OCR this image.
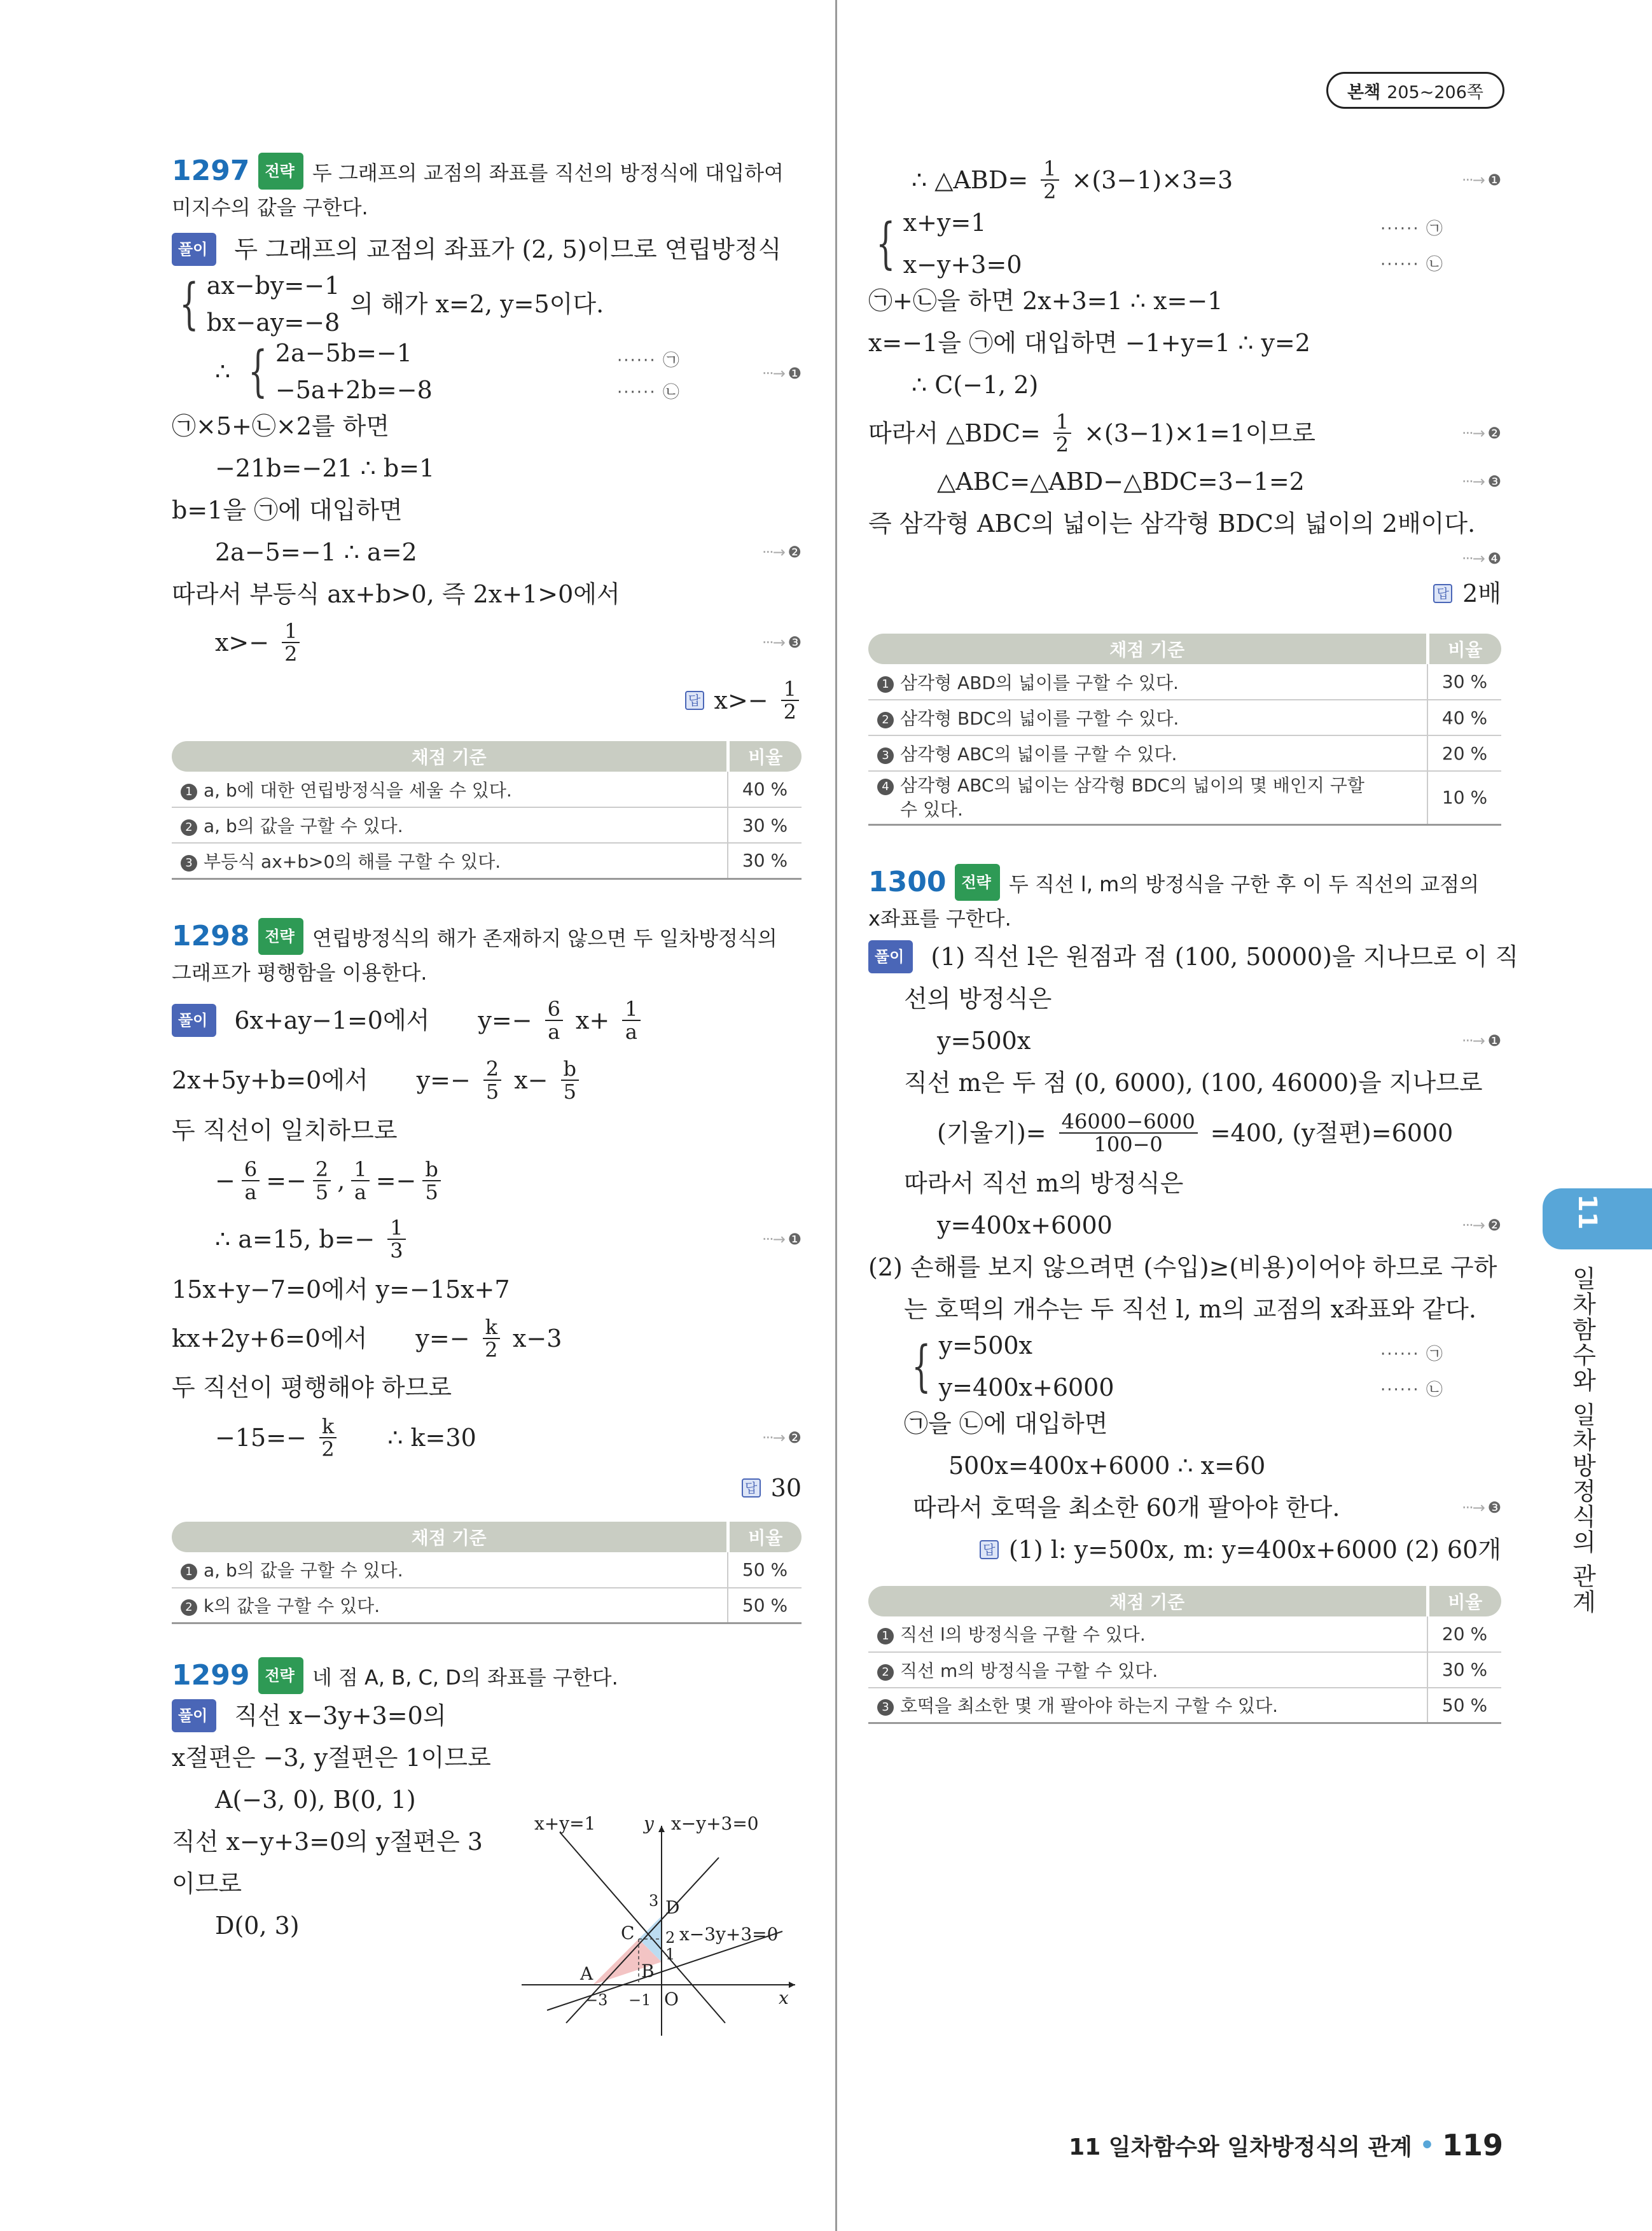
본책 205∼206쪽
1297 전략 두 그래프의 교점의 좌표를 직선의 방정식에 대입하여
미지수의 값을 구한다.
풀이	두 그래프의 교점의 좌표가 (2, 5)이므로 연립방정식
{ ax−by=−1
bx−ay=−8
의 해가 x=2, y=5이다.
∴ { 2a−5b=−1
−5a+2b=−8
······ ㉠
······ ㉡
···→ ❶
㉠×5+㉡×2를 하면
−21b=−21 ∴ b=1
b=1을 ㉠에 대입하면
2a−5=−1 ∴ a=2	···→ ❷
따라서 부등식 ax+b>0, 즉 2x+1>0에서
$x>- \frac{1}{2}$	···→ ❸
답 $x>- \frac{1}{2}$
채점 기준	비율
1 a, b에 대한 연립방정식을 세울 수 있다.	40 %
2 a, b의 값을 구할 수 있다.	30 %
3 부등식 ax+b>0의 해를 구할 수 있다.	30 %
1298 전략 연립방정식의 해가 존재하지 않으면 두 일차방정식의
그래프가 평행함을 이용한다.
풀이	6x+ay−1=0에서 $y=- \frac{6}{a} x+ \frac{1}{a}$
2x+5y+b=0에서 $y=- \frac{2}{5} x- \frac{b}{5}$
두 직선이 일치하므로
− $\frac{6}{a} =- \frac{2}{5}$ , $\frac{1}{a} =- \frac{b}{5}$
∴ a=15, $b=- \frac{1}{3}$	···→ ❶
15x+y−7=0에서 y=−15x+7
kx+2y+6=0에서 $y=- \frac{k}{2} x-3$
두 직선이 평행해야 하므로
$-15=- \frac{k}{2}$ ∴ k=30	···→ ❷
답 30
채점 기준	비율
1 a, b의 값을 구할 수 있다.	50 %
2 k의 값을 구할 수 있다.	50 %
1299 전략 네 점 A, B, C, D의 좌표를 구한다.
풀이	직선 x−3y+3=0의
x절편은 −3, y절편은 1이므로
A(−3, 0), B(0, 1)
직선 x−y+3=0의 y절편은 3
이므로
D(0, 3)
x+y=1	x−y+3=0
x−3y+3=0
y
x
O
A	B
C
D
−3 −1
3
2
1
∴ △ABD= $\frac{1}{2} \times(3-1)\times 3=3$	···→ ❶
{ x+y=1
x−y+3=0
······ ㉠
······ ㉡
㉠+㉡을 하면 2x+3=1 ∴ x=−1
x=−1을 ㉠에 대입하면 −1+y=1 ∴ y=2
∴ C(−1, 2)
따라서 △BDC= $\frac{1}{2} \times(3-1)\times 1=1$이므로	···→ ❷
△ABC=△ABD−△BDC=3−1=2	···→ ❸
즉 삼각형 ABC의 넓이는 삼각형 BDC의 넓이의 2배이다.
···→ ❹
답 2배
채점 기준	비율
1 삼각형 ABD의 넓이를 구할 수 있다.	30 %
2 삼각형 BDC의 넓이를 구할 수 있다.	40 %
3 삼각형 ABC의 넓이를 구할 수 있다.	20 %
4 삼각형 ABC의 넓이는 삼각형 BDC의 넓이의 몇 배인지 구할
수 있다.	10 %
1300 전략 두 직선 l, m의 방정식을 구한 후 이 두 직선의 교점의
x좌표를 구한다.
풀이	(1) 직선 l은 원점과 점 (100, 50000)을 지나므로 이 직
선의 방정식은
y=500x	···→ ❶
직선 m은 두 점 (0, 6000), (100, 46000)을 지나므로
(기울기)= $\frac{46000-6000}{100-0} =400$, (y절편)=6000
따라서 직선 m의 방정식은
y=400x+6000	···→ ❷
(2) 손해를 보지 않으려면 (수입)≥(비용)이어야 하므로 구하
는 호떡의 개수는 두 직선 l, m의 교점의 x좌표와 같다.
{ y=500x
y=400x+6000
······ ㉠
······ ㉡
㉠을 ㉡에 대입하면
500x=400x+6000 ∴ x=60
따라서 호떡을 최소한 60개 팔아야 한다.	···→ ❸
답 (1) l: y=500x, m: y=400x+6000 (2) 60개
채점 기준	비율
1 직선 l의 방정식을 구할 수 있다.	20 %
2 직선 m의 방정식을 구할 수 있다.	30 %
3 호떡을 최소한 몇 개 팔아야 하는지 구할 수 있다.	50 %
11
일차함수와 일차방정식의 관계
11 일차함수와 일차방정식의 관계 • 119
